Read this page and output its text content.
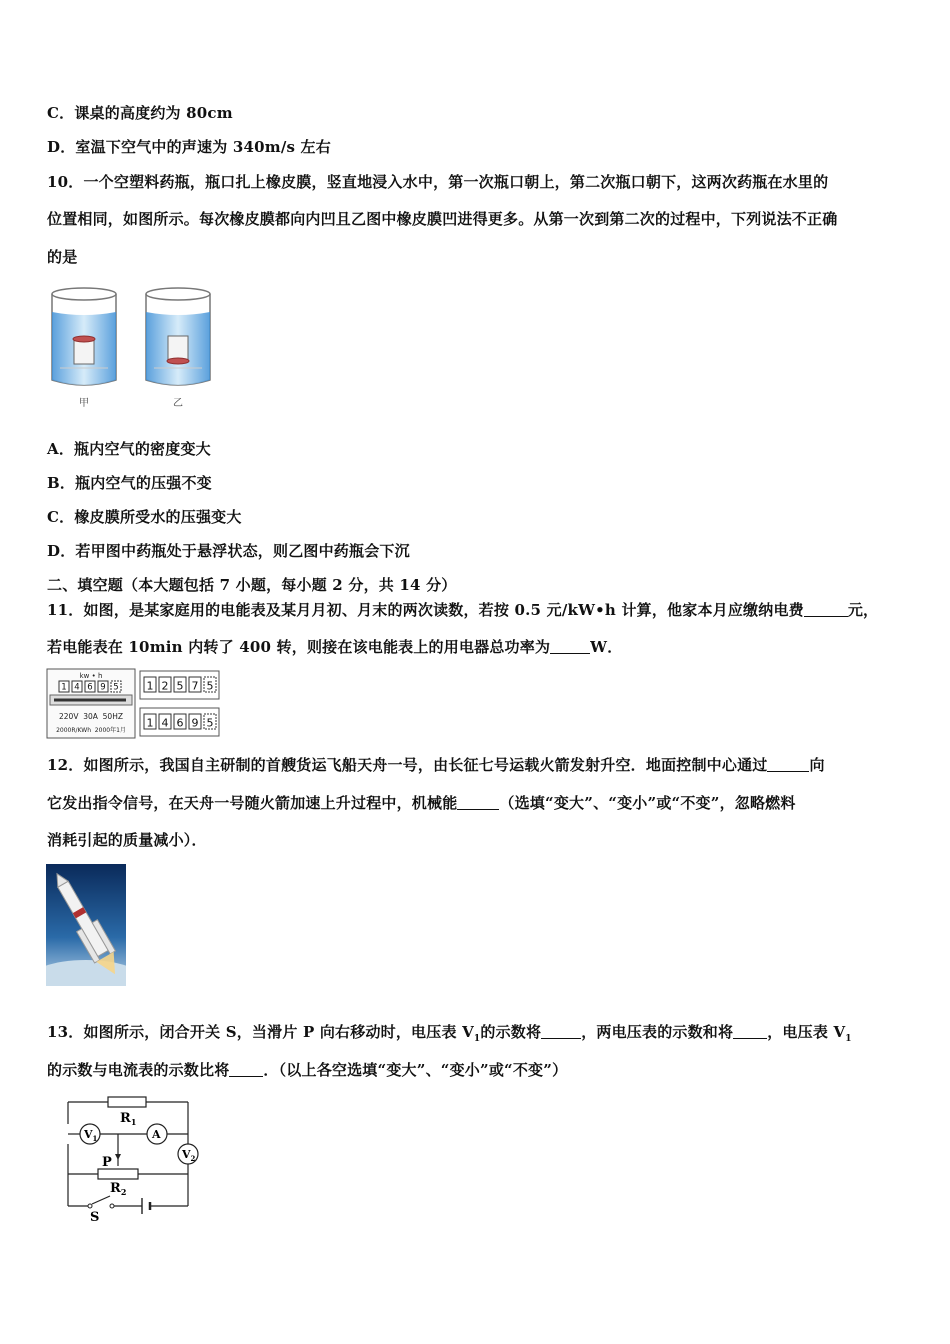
C．课桌的高度约为 80cm
D．室温下空气中的声速为 340m/s 左右
10．一个空塑料药瓶，瓶口扎上橡皮膜，竖直地浸入水中，第一次瓶口朝上，第二次瓶口朝下，这两次药瓶在水里的
位置相同，如图所示。每次橡皮膜都向内凹且乙图中橡皮膜凹进得更多。从第一次到第二次的过程中，下列说法不正确
的是
甲	乙
A．瓶内空气的密度变大
B．瓶内空气的压强不变
C．橡皮膜所受水的压强变大
D．若甲图中药瓶处于悬浮状态，则乙图中药瓶会下沉
二、填空题（本大题包括 7 小题，每小题 2 分，共 14 分）
11．如图，是某家庭用的电能表及某月月初、月末的两次读数，若按 0.5 元/kW•h 计算，他家本月应缴纳电费	元，
若电能表在 10min 内转了 400 转，则接在该电能表上的用电器总功率为	W．
kw • h
1 4 6 9 5
220V  30A  50HZ
2000R/KWh  2000年1月
1 2 5 7 5
1 4 6 9 5
12．如图所示，我国自主研制的首艘货运飞船天舟一号，由长征七号运载火箭发射升空．地面控制中心通过	向
它发出指令信号，在天舟一号随火箭加速上升过程中，机械能	（选填“变大”、“变小”或“不变”，忽略燃料
消耗引起的质量减小）．
13．如图所示，闭合开关 S，当滑片 P 向右移动时，电压表 $V_1$的示数将	，两电压表的示数和将 ，电压表 $V_1$
的示数与电流表的示数比将 ．（以上各空选填“变大”、“变小”或“不变”）
$R_1$
$V_1$	A
$V_2$
P
$R_2$
S
